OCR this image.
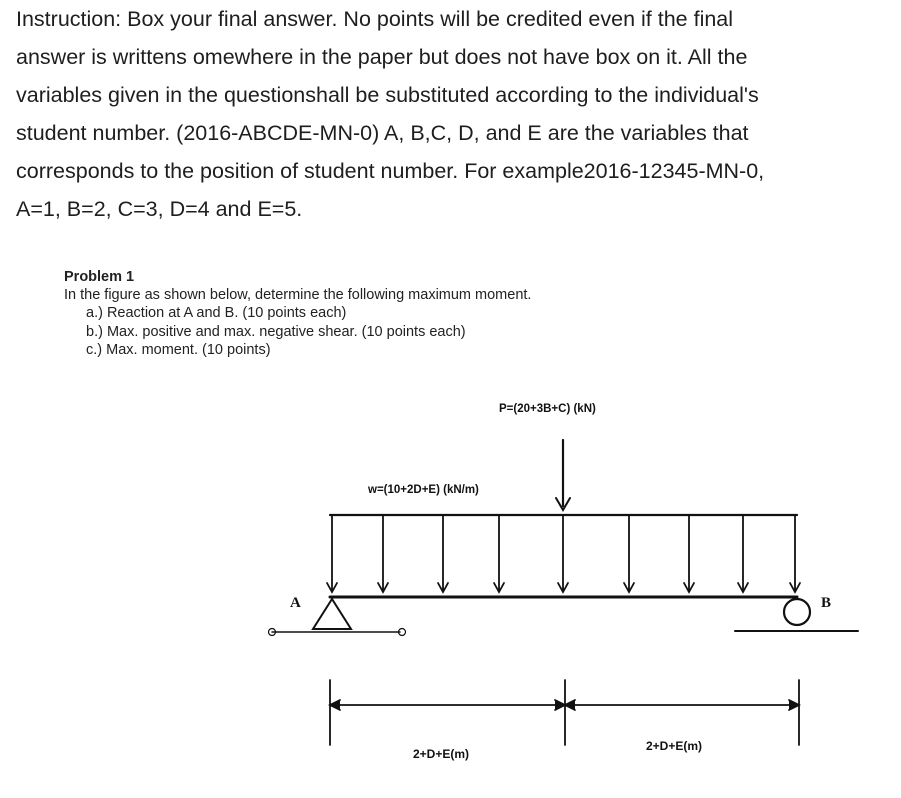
Instruction: Box your final answer. No points will be credited even if the final
answer is writtens omewhere in the paper but does not have box on it. All the
variables given in the questionshall be substituted according to the individual's
student number. (2016-ABCDE-MN-0) A, B,C, D, and E are the variables that
corresponds to the position of student number. For example2016-12345-MN-0,
A=1, B=2, C=3, D=4 and E=5.
Problem 1
In the figure as shown below, determine the following maximum moment.
a.) Reaction at A and B. (10 points each)
b.) Max. positive and max. negative shear. (10 points each)
c.) Max. moment. (10 points)
P=(20+3B+C) (kN)
w=(10+2D+E) (kN/m)
A	B
2+D+E(m)
2+D+E(m)
